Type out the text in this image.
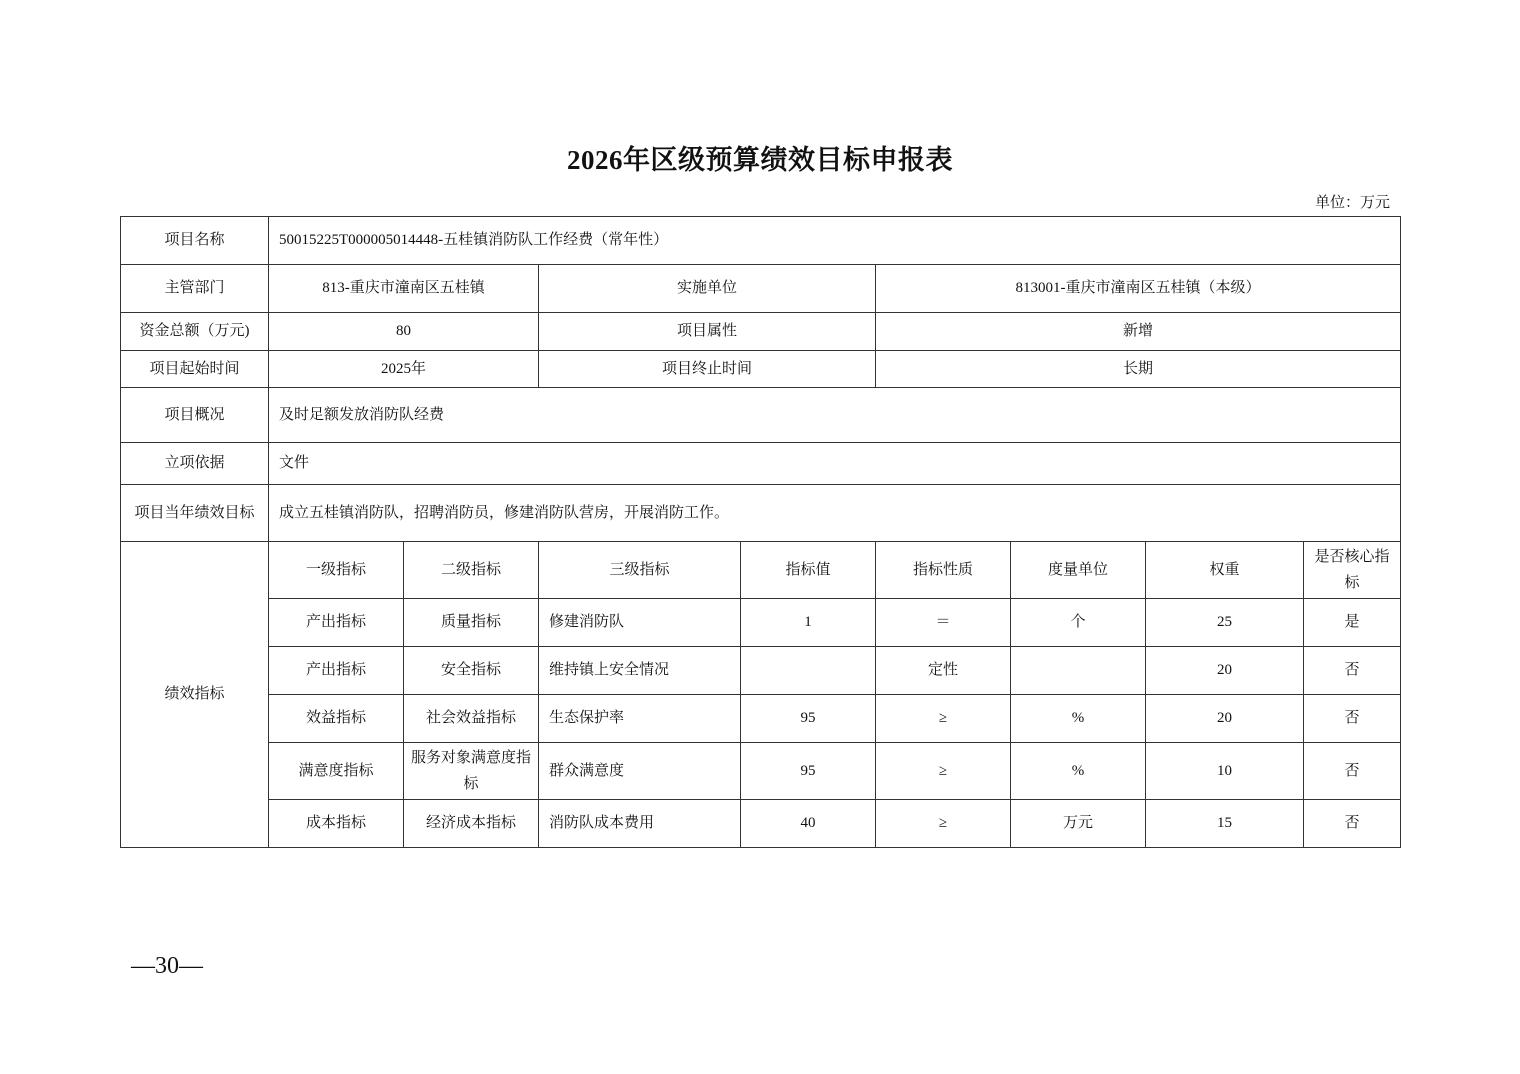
2026年区级预算绩效目标申报表
单位：万元
项目名称	50015225T000005014448-五桂镇消防队工作经费（常年性）							
主管部门	813-重庆市潼南区五桂镇		实施单位		813001-重庆市潼南区五桂镇（本级）			
资金总额（万元)	80		项目属性		新增			
项目起始时间	2025年		项目终止时间		长期			
项目概况	及时足额发放消防队经费							
立项依据	文件							
项目当年绩效目标	成立五桂镇消防队，招聘消防员，修建消防队营房，开展消防工作。							
绩效指标	一级指标	二级指标	三级指标	指标值	指标性质	度量单位	权重	是否核心指标
	产出指标	质量指标	修建消防队	1	＝	个	25	是
	产出指标	安全指标	维持镇上安全情况		定性		20	否
	效益指标	社会效益指标	生态保护率	95	≥	%	20	否
	满意度指标	服务对象满意度指标	群众满意度	95	≥	%	10	否
	成本指标	经济成本指标	消防队成本费用	40	≥	万元	15	否
—30—
